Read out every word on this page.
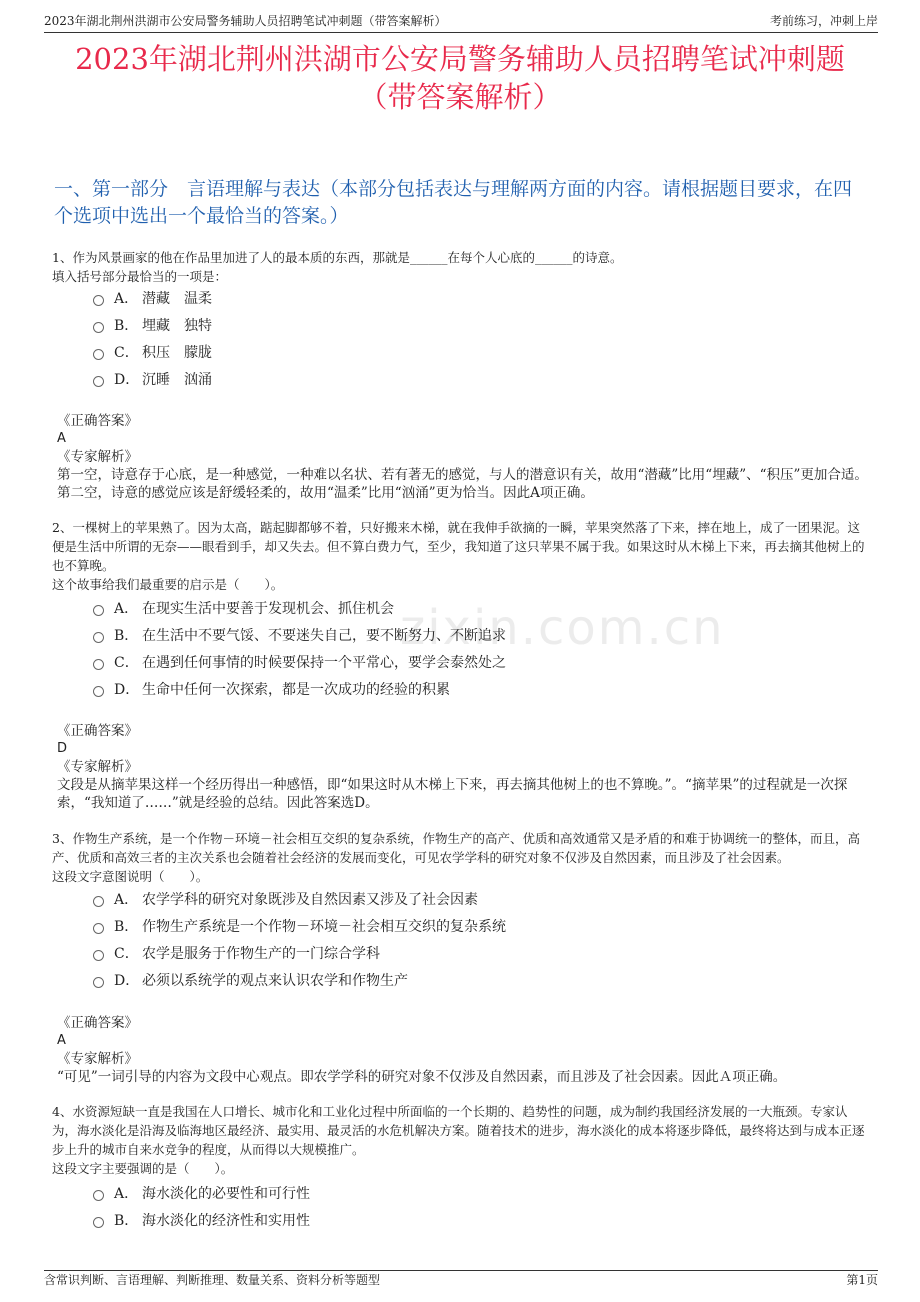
2023年湖北荆州洪湖市公安局警务辅助人员招聘笔试冲刺题（带答案解析）	考前练习，冲刺上岸
2023年湖北荆州洪湖市公安局警务辅助人员招聘笔试冲刺题
（带答案解析）
一、第一部分　言语理解与表达（本部分包括表达与理解两方面的内容。请根据题目要求，在四个选项中选出一个最恰当的答案。）
zixin.com.cn
1、作为风景画家的他在作品里加进了人的最本质的东西，那就是______在每个人心底的______的诗意。
填入括号部分最恰当的一项是：
A． 潜藏　温柔
B． 埋藏　独特
C． 积压　朦胧
D． 沉睡　汹涌
《正确答案》
A
《专家解析》
第一空，诗意存于心底，是一种感觉，一种难以名状、若有著无的感觉，与人的潜意识有关，故用“潜藏”比用“埋藏”、“积压”更加合适。第二空，诗意的感觉应该是舒缓轻柔的，故用“温柔”比用“汹涌”更为恰当。因此A项正确。
2、一棵树上的苹果熟了。因为太高，踮起脚都够不着，只好搬来木梯，就在我伸手欲摘的一瞬，苹果突然落了下来，摔在地上，成了一团果泥。这便是生活中所谓的无奈——眼看到手，却又失去。但不算白费力气，至少，我知道了这只苹果不属于我。如果这时从木梯上下来，再去摘其他树上的也不算晚。
这个故事给我们最重要的启示是（　　）。
A． 在现实生活中要善于发现机会、抓住机会
B． 在生活中不要气馁、不要迷失自己，要不断努力、不断追求
C． 在遇到任何事情的时候要保持一个平常心，要学会泰然处之
D． 生命中任何一次探索，都是一次成功的经验的积累
《正确答案》
D
《专家解析》
文段是从摘苹果这样一个经历得出一种感悟，即“如果这时从木梯上下来，再去摘其他树上的也不算晚。”。“摘苹果”的过程就是一次探索，“我知道了……”就是经验的总结。因此答案选D。
3、作物生产系统，是一个作物－环境－社会相互交织的复杂系统，作物生产的高产、优质和高效通常又是矛盾的和难于协调统一的整体，而且，高产、优质和高效三者的主次关系也会随着社会经济的发展而变化，可见农学学科的研究对象不仅涉及自然因素，而且涉及了社会因素。
这段文字意图说明（　　）。
A． 农学学科的研究对象既涉及自然因素又涉及了社会因素
B． 作物生产系统是一个作物－环境－社会相互交织的复杂系统
C． 农学是服务于作物生产的一门综合学科
D． 必须以系统学的观点来认识农学和作物生产
《正确答案》
A
《专家解析》
“可见”一词引导的内容为文段中心观点。即农学学科的研究对象不仅涉及自然因素，而且涉及了社会因素。因此Ａ项正确。
4、水资源短缺一直是我国在人口增长、城市化和工业化过程中所面临的一个长期的、趋势性的问题，成为制约我国经济发展的一大瓶颈。专家认为，海水淡化是沿海及临海地区最经济、最实用、最灵活的水危机解决方案。随着技术的进步，海水淡化的成本将逐步降低，最终将达到与成本正逐步上升的城市自来水竞争的程度，从而得以大规模推广。
这段文字主要强调的是（　　）。
A． 海水淡化的必要性和可行性
B． 海水淡化的经济性和实用性
含常识判断、言语理解、判断推理、数量关系、资料分析等题型	第1页
